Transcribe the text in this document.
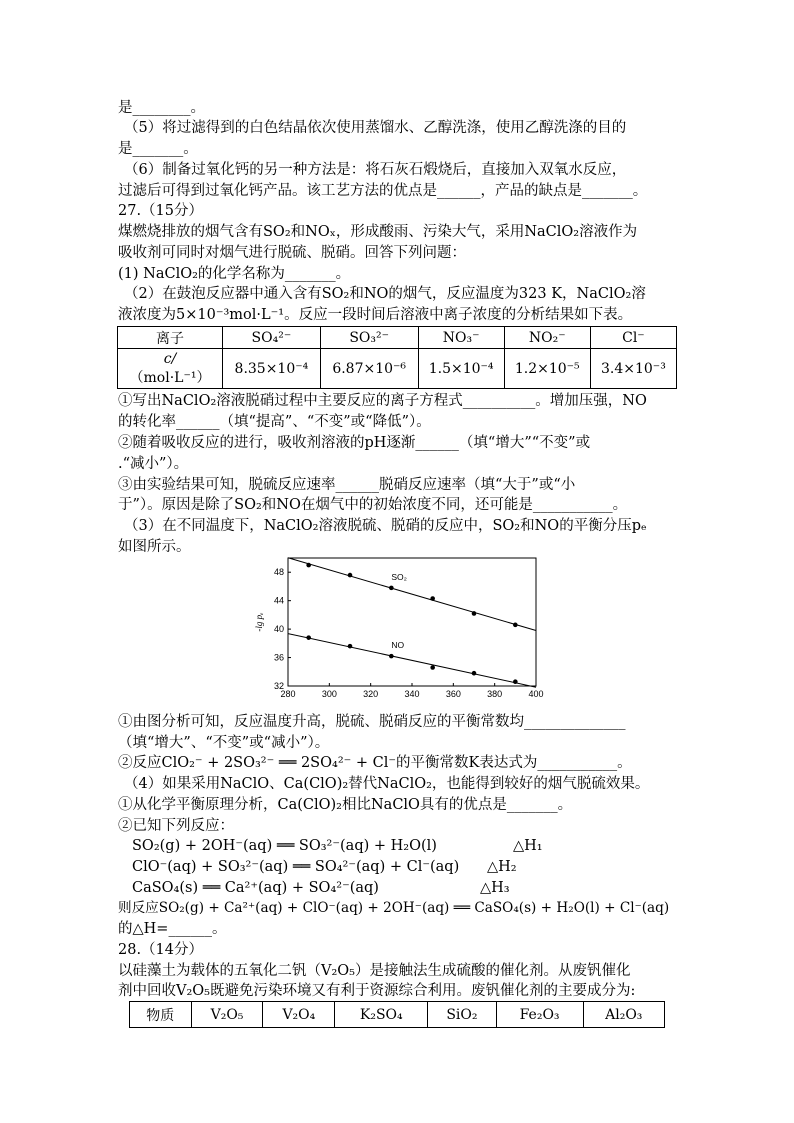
是________。
（5）将过滤得到的白色结晶依次使用蒸馏水、乙醇洗涤，使用乙醇洗涤的目的
是_______。
（6）制备过氧化钙的另一种方法是：将石灰石煅烧后，直接加入双氧水反应，
过滤后可得到过氧化钙产品。该工艺方法的优点是______，产品的缺点是_______。
27.（15分）
煤燃烧排放的烟气含有SO₂和NOₓ，形成酸雨、污染大气，采用NaClO₂溶液作为
吸收剂可同时对烟气进行脱硫、脱硝。回答下列问题：
(1) NaClO₂的化学名称为_______。
（2）在鼓泡反应器中通入含有SO₂和NO的烟气，反应温度为323 K，NaClO₂溶
液浓度为5×10⁻³mol·L⁻¹。反应一段时间后溶液中离子浓度的分析结果如下表。
离子	SO₄²⁻	SO₃²⁻	NO₃⁻	NO₂⁻	Cl⁻

c/
（mol·L⁻¹）	8.35×10⁻⁴	6.87×10⁻⁶	1.5×10⁻⁴	1.2×10⁻⁵	3.4×10⁻³
①写出NaClO₂溶液脱硝过程中主要反应的离子方程式__________。增加压强，NO
的转化率______（填“提高”、“不变”或“降低”）。
②随着吸收反应的进行，吸收剂溶液的pH逐渐______（填“增大”“不变”或
.“减小”）。
③由实验结果可知，脱硫反应速率______脱硝反应速率（填“大于”或“小
于”）。原因是除了SO₂和NO在烟气中的初始浓度不同，还可能是___________。
（3）在不同温度下，NaClO₂溶液脱硫、脱硝的反应中，SO₂和NO的平衡分压pₑ
如图所示。
280	300	320	340	360	380	400
48
44
40
36
32
-lg pₑ
SO₂
NO
①由图分析可知，反应温度升高，脱硫、脱硝反应的平衡常数均______________
（填“增大”、“不变”或“减小”）。
②反应ClO₂⁻ + 2SO₃²⁻ ══ 2SO₄²⁻ + Cl⁻的平衡常数K表达式为___________。
（4）如果采用NaClO、Ca(ClO)₂替代NaClO₂，也能得到较好的烟气脱硫效果。
①从化学平衡原理分析，Ca(ClO)₂相比NaClO具有的优点是_______。
②已知下列反应：
SO₂(g) + 2OH⁻(aq) ══ SO₃²⁻(aq) + H₂O(l)	△H₁
ClO⁻(aq) + SO₃²⁻(aq) ══ SO₄²⁻(aq) + Cl⁻(aq) △H₂
CaSO₄(s) ══ Ca²⁺(aq) + SO₄²⁻(aq)	△H₃
则反应SO₂(g) + Ca²⁺(aq) + ClO⁻(aq) + 2OH⁻(aq) ══ CaSO₄(s) + H₂O(l) + Cl⁻(aq)
的△H=______。
28.（14分）
以硅藻土为载体的五氧化二钒（V₂O₅）是接触法生成硫酸的催化剂。从废钒催化
剂中回收V₂O₅既避免污染环境又有利于资源综合利用。废钒催化剂的主要成分为:
物质	V₂O₅	V₂O₄	K₂SO₄	SiO₂	Fe₂O₃	Al₂O₃
